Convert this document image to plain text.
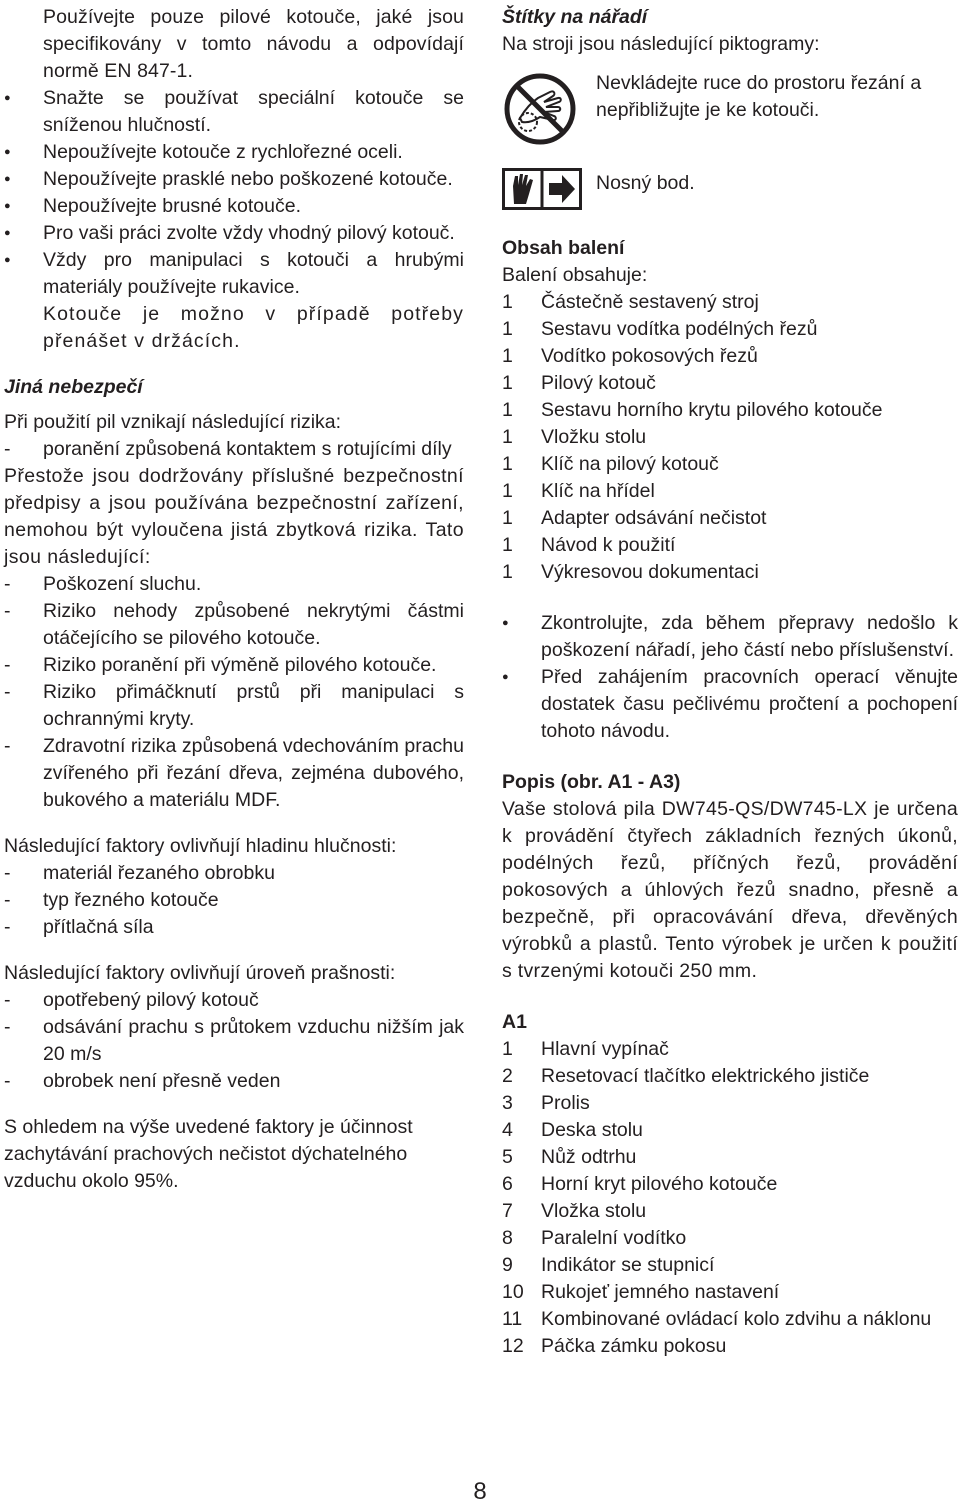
Používejte pouze pilové kotouče, jaké jsou specifikovány v tomto návodu a odpovídají normě EN 847-1.

● Snažte se používat speciální kotouče se sníženou hlučností.

● Nepoužívejte kotouče z rychlořezné oceli.

● Nepoužívejte prasklé nebo poškozené kotouče.

● Nepoužívejte brusné kotouče.

● Pro vaši práci zvolte vždy vhodný pilový kotouč.

● Vždy pro manipulaci s kotouči a hrubými materiály používejte rukavice.

Kotouče je možno v případě potřeby přenášet v držácích.

Jiná nebezpečí

Při použití pil vznikají následující rizika:

- poranění způsobená kontaktem s rotujícími díly

Přestože jsou dodržovány příslušné bezpečnostní předpisy a jsou používána bezpečnostní zařízení, nemohou být vyloučena jistá zbytková rizika. Tato jsou následující:

- Poškození sluchu.

- Riziko nehody způsobené nekrytými částmi otáčejícího se pilového kotouče.

- Riziko poranění při výměně pilového kotouče.

- Riziko přimáčknutí prstů při manipulaci s ochrannými kryty.

- Zdravotní rizika způsobená vdechováním prachu zvířeného při řezání dřeva, zejména dubového, bukového a materiálu MDF.

Následující faktory ovlivňují hladinu hlučnosti:

- materiál řezaného obrobku

- typ řezného kotouče

- přítlačná síla

Následující faktory ovlivňují úroveň prašnosti:

- opotřebený pilový kotouč

- odsávání prachu s průtokem vzduchu nižším jak 20 m/s

- obrobek není přesně veden

S ohledem na výše uvedené faktory je účinnost zachytávání prachových nečistot dýchatelného vzduchu okolo 95%.

Štítky na nářadí

Na stroji jsou následující piktogramy:

Nevkládejte ruce do prostoru řezání a nepřibližujte je ke kotouči.

Nosný bod.

Obsah balení

Balení obsahuje:

1 Částečně sestavený stroj
1 Sestavu vodítka podélných řezů
1 Vodítko pokosových řezů
1 Pilový kotouč
1 Sestavu horního krytu pilového kotouče
1 Vložku stolu
1 Klíč na pilový kotouč
1 Klíč na hřídel
1 Adapter odsávání nečistot
1 Návod k použití
1 Výkresovou dokumentaci

● Zkontrolujte, zda během přepravy nedošlo k poškození nářadí, jeho částí nebo příslušenství.

● Před zahájením pracovních operací věnujte dostatek času pečlivému pročtení a pochopení tohoto návodu.

Popis (obr. A1 - A3)

Vaše stolová pila DW745-QS/DW745-LX je určena k provádění čtyřech základních řezných úkonů, podélných řezů, příčných řezů, provádění pokosových a úhlových řezů snadno, přesně a bezpečně, při opracovávání dřeva, dřevěných výrobků a plastů. Tento výrobek je určen k použití s tvrzenými kotouči 250 mm.

A1

1 Hlavní vypínač
2 Resetovací tlačítko elektrického jističe
3 Prolis
4 Deska stolu
5 Nůž odtrhu
6 Horní kryt pilového kotouče
7 Vložka stolu
8 Paralelní vodítko
9 Indikátor se stupnicí
10 Rukojeť jemného nastavení
11 Kombinované ovládací kolo zdvihu a náklonu
12 Páčka zámku pokosu
8
